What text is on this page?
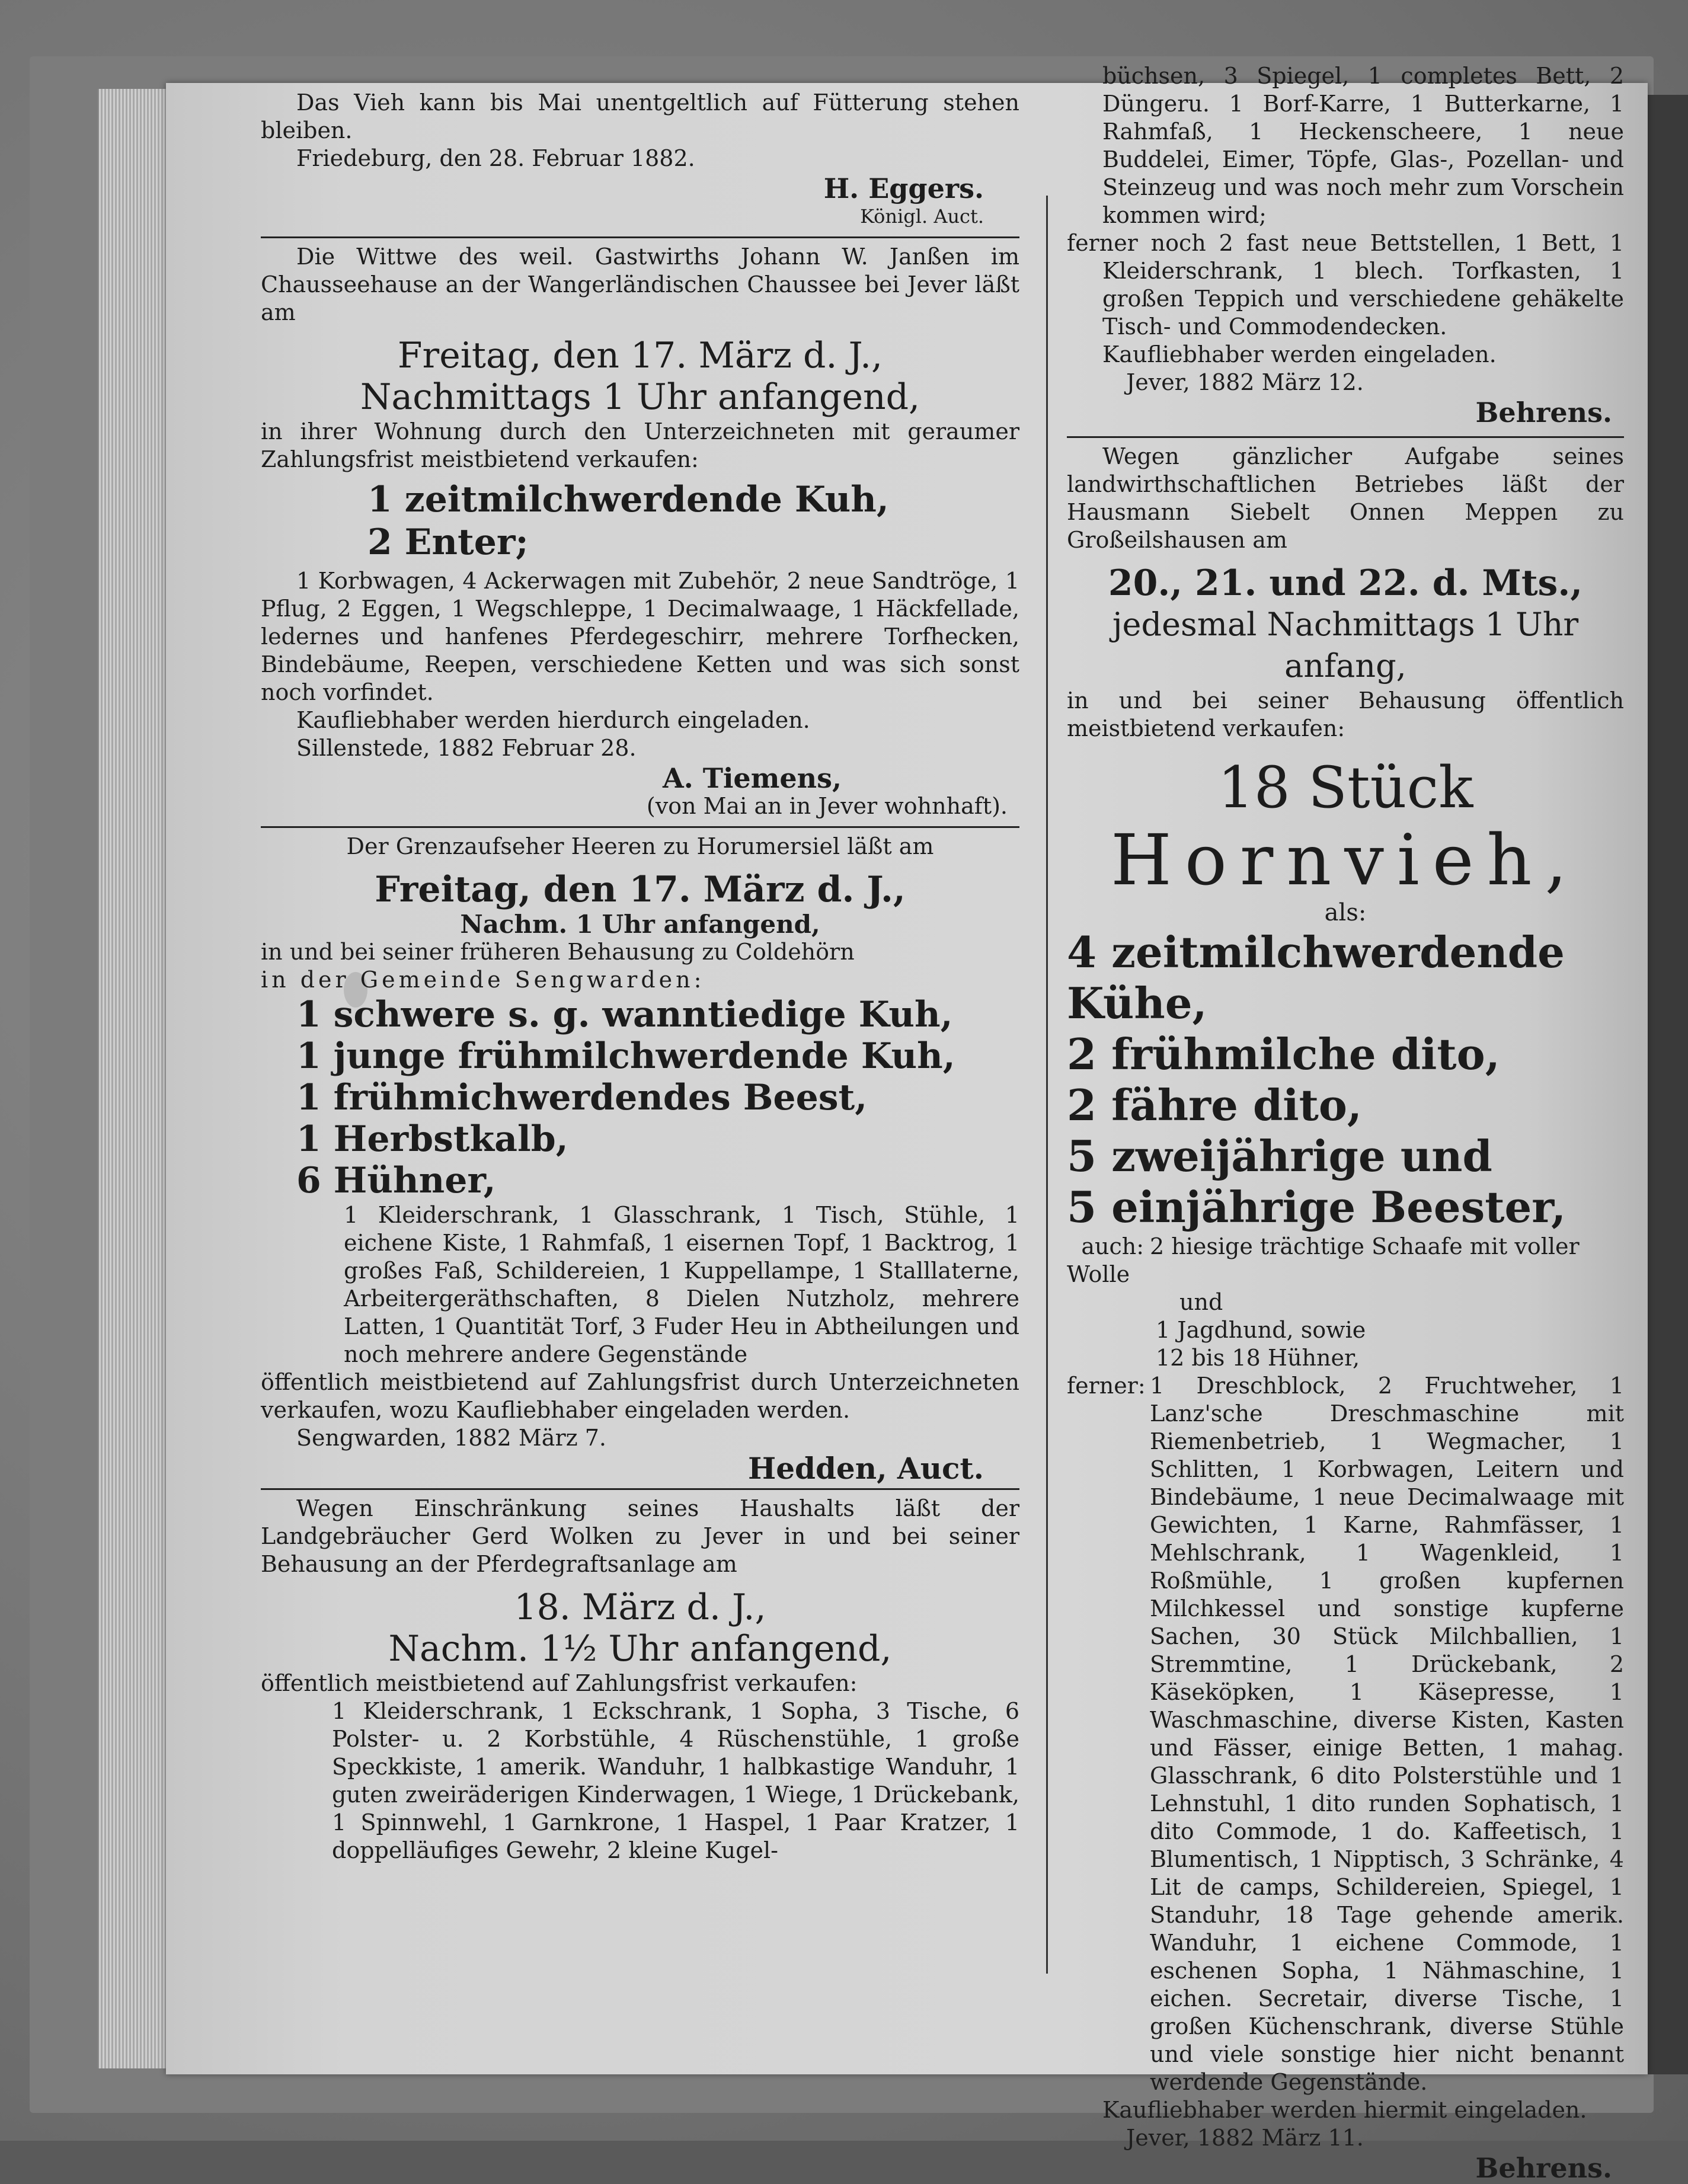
Das Vieh kann bis Mai unentgeltlich auf Fütterung stehen bleiben.

Friedeburg, den 28. Februar 1882.

H. Eggers.

Königl. Auct.

Die Wittwe des weil. Gastwirths Johann W. Janßen im Chausseehause an der Wangerländischen Chaussee bei Jever läßt am

Freitag, den 17. März d. J.,

Nachmittags 1 Uhr anfangend,

in ihrer Wohnung durch den Unterzeichneten mit geraumer Zahlungsfrist meistbietend verkaufen:

1 zeitmilchwerdende Kuh,

2 Enter;

1 Korbwagen, 4 Ackerwagen mit Zubehör, 2 neue Sandtröge, 1 Pflug, 2 Eggen, 1 Wegschleppe, 1 Decimalwaage, 1 Häckfellade, ledernes und hanfenes Pferdegeschirr, mehrere Torfhecken, Bindebäume, Reepen, verschiedene Ketten und was sich sonst noch vorfindet.

Kaufliebhaber werden hierdurch eingeladen.

Sillenstede, 1882 Februar 28.

A. Tiemens,

(von Mai an in Jever wohnhaft).

Der Grenzaufseher Heeren zu Horumersiel läßt am

Freitag, den 17. März d. J.,

Nachm. 1 Uhr anfangend,

in und bei seiner früheren Behausung zu Coldehörn

in der Gemeinde Sengwarden:

1 schwere s. g. wanntiedige Kuh,

1 junge frühmilchwerdende Kuh,

1 frühmichwerdendes Beest,

1 Herbstkalb,

6 Hühner,

1 Kleiderschrank, 1 Glasschrank, 1 Tisch, Stühle, 1 eichene Kiste, 1 Rahmfaß, 1 eisernen Topf, 1 Backtrog, 1 großes Faß, Schildereien, 1 Kuppellampe, 1 Stalllaterne, Arbeitergeräthschaften, 8 Dielen Nutzholz, mehrere Latten, 1 Quantität Torf, 3 Fuder Heu in Abtheilungen und noch mehrere andere Gegenstände

öffentlich meistbietend auf Zahlungsfrist durch Unterzeichneten verkaufen, wozu Kaufliebhaber eingeladen werden.

Sengwarden, 1882 März 7.

Hedden, Auct.

Wegen Einschränkung seines Haushalts läßt der Landgebräucher Gerd Wolken zu Jever in und bei seiner Behausung an der Pferdegraftsanlage am

18. März d. J.,

Nachm. 1½ Uhr anfangend,

öffentlich meistbietend auf Zahlungsfrist verkaufen:

1 Kleiderschrank, 1 Eckschrank, 1 Sopha, 3 Tische, 6 Polster- u. 2 Korbstühle, 4 Rüschenstühle, 1 große Speckkiste, 1 amerik. Wanduhr, 1 halbkastige Wanduhr, 1 guten zweiräderigen Kinderwagen, 1 Wiege, 1 Drückebank, 1 Spinnwehl, 1 Garnkrone, 1 Haspel, 1 Paar Kratzer, 1 doppelläufiges Gewehr, 2 kleine Kugel-

büchsen, 3 Spiegel, 1 completes Bett, 2 Düngeru. 1 Borf-Karre, 1 Butterkarne, 1 Rahmfaß, 1 Heckenscheere, 1 neue Buddelei, Eimer, Töpfe, Glas-, Pozellan- und Steinzeug und was noch mehr zum Vorschein kommen wird;

ferner noch 2 fast neue Bettstellen, 1 Bett, 1 Kleiderschrank, 1 blech. Torfkasten, 1 großen Teppich und verschiedene gehäkelte Tisch- und Commodendecken.

Kaufliebhaber werden eingeladen.

Jever, 1882 März 12.

Behrens.

Wegen gänzlicher Aufgabe seines landwirthschaftlichen Betriebes läßt der Hausmann Siebelt Onnen Meppen zu Großeilshausen am

20., 21. und 22. d. Mts.,

jedesmal Nachmittags 1 Uhr anfang,

in und bei seiner Behausung öffentlich meistbietend verkaufen:

18 Stück

Hornvieh,

als:

4 zeitmilchwerdende Kühe,

2 frühmilche dito,

2 fähre dito,

5 zweijährige und

5 einjährige Beester,

auch: 2 hiesige trächtige Schaafe mit voller Wolle

und

1 Jagdhund, sowie

12 bis 18 Hühner,

ferner: 1 Dreschblock, 2 Fruchtweher, 1 Lanz'sche Dreschmaschine mit Riemenbetrieb, 1 Wegmacher, 1 Schlitten, 1 Korbwagen, Leitern und Bindebäume, 1 neue Decimalwaage mit Gewichten, 1 Karne, Rahmfässer, 1 Mehlschrank, 1 Wagenkleid, 1 Roßmühle, 1 großen kupfernen Milchkessel und sonstige kupferne Sachen, 30 Stück Milchballien, 1 Stremmtine, 1 Drückebank, 2 Käseköpken, 1 Käsepresse, 1 Waschmaschine, diverse Kisten, Kasten und Fässer, einige Betten, 1 mahag. Glasschrank, 6 dito Polsterstühle und 1 Lehnstuhl, 1 dito runden Sophatisch, 1 dito Commode, 1 do. Kaffeetisch, 1 Blumentisch, 1 Nipptisch, 3 Schränke, 4 Lit de camps, Schildereien, Spiegel, 1 Standuhr, 18 Tage gehende amerik. Wanduhr, 1 eichene Commode, 1 eschenen Sopha, 1 Nähmaschine, 1 eichen. Secretair, diverse Tische, 1 großen Küchenschrank, diverse Stühle und viele sonstige hier nicht benannt werdende Gegenstände.

Kaufliebhaber werden hiermit eingeladen.

Jever, 1882 März 11.

Behrens.
